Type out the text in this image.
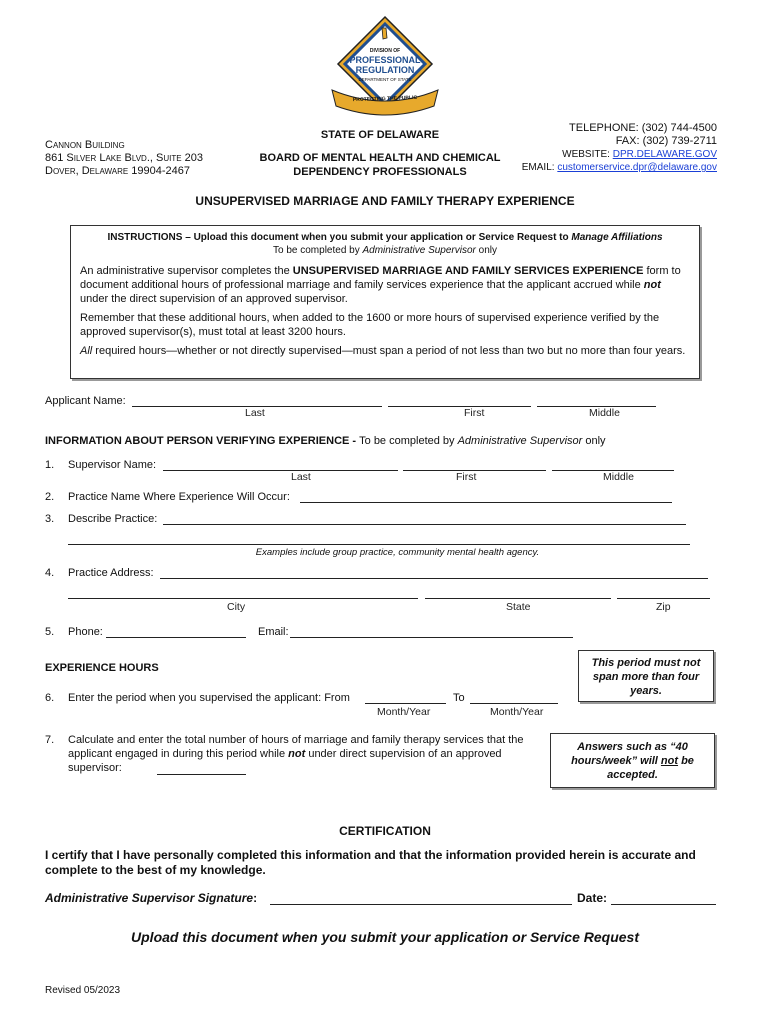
DIVISION OF
PROFESSIONAL
REGULATION
DEPARTMENT OF STATE
PROTECTING THE PUBLIC
Cannon Building
861 Silver Lake Blvd., Suite 203
Dover, Delaware 19904-2467
STATE OF DELAWARE
BOARD OF MENTAL HEALTH AND CHEMICAL
DEPENDENCY PROFESSIONALS
TELEPHONE: (302) 744-4500
FAX: (302) 739-2711
WEBSITE: DPR.DELAWARE.GOV
EMAIL: customerservice.dpr@delaware.gov
UNSUPERVISED MARRIAGE AND FAMILY THERAPY EXPERIENCE
INSTRUCTIONS – Upload this document when you submit your application or Service Request to Manage Affiliations
To be completed by Administrative Supervisor only

An administrative supervisor completes the UNSUPERVISED MARRIAGE AND FAMILY SERVICES EXPERIENCE form to document additional hours of professional marriage and family services experience that the applicant accrued while not under the direct supervision of an approved supervisor.

Remember that these additional hours, when added to the 1600 or more hours of supervised experience verified by the approved supervisor(s), must total at least 3200 hours.

All required hours—whether or not directly supervised—must span a period of not less than two but no more than four years.

Applicant Name:
Last	First	Middle
INFORMATION ABOUT PERSON VERIFYING EXPERIENCE - To be completed by Administrative Supervisor only
1. Supervisor Name:
Last	First	Middle
2. Practice Name Where Experience Will Occur:
3. Describe Practice:
Examples include group practice, community mental health agency.
4. Practice Address:
City	State	Zip
5. Phone:	Email:
EXPERIENCE HOURS	This period must not span more than four years.
6. Enter the period when you supervised the applicant: From	To
Month/Year	Month/Year
7. Calculate and enter the total number of hours of marriage and family therapy services that the applicant engaged in during this period while not under direct supervision of an approved supervisor:
Answers such as “40 hours/week” will not be accepted.
CERTIFICATION
I certify that I have personally completed this information and that the information provided herein is accurate and complete to the best of my knowledge.
Administrative Supervisor Signature:	Date:
Upload this document when you submit your application or Service Request
Revised 05/2023
